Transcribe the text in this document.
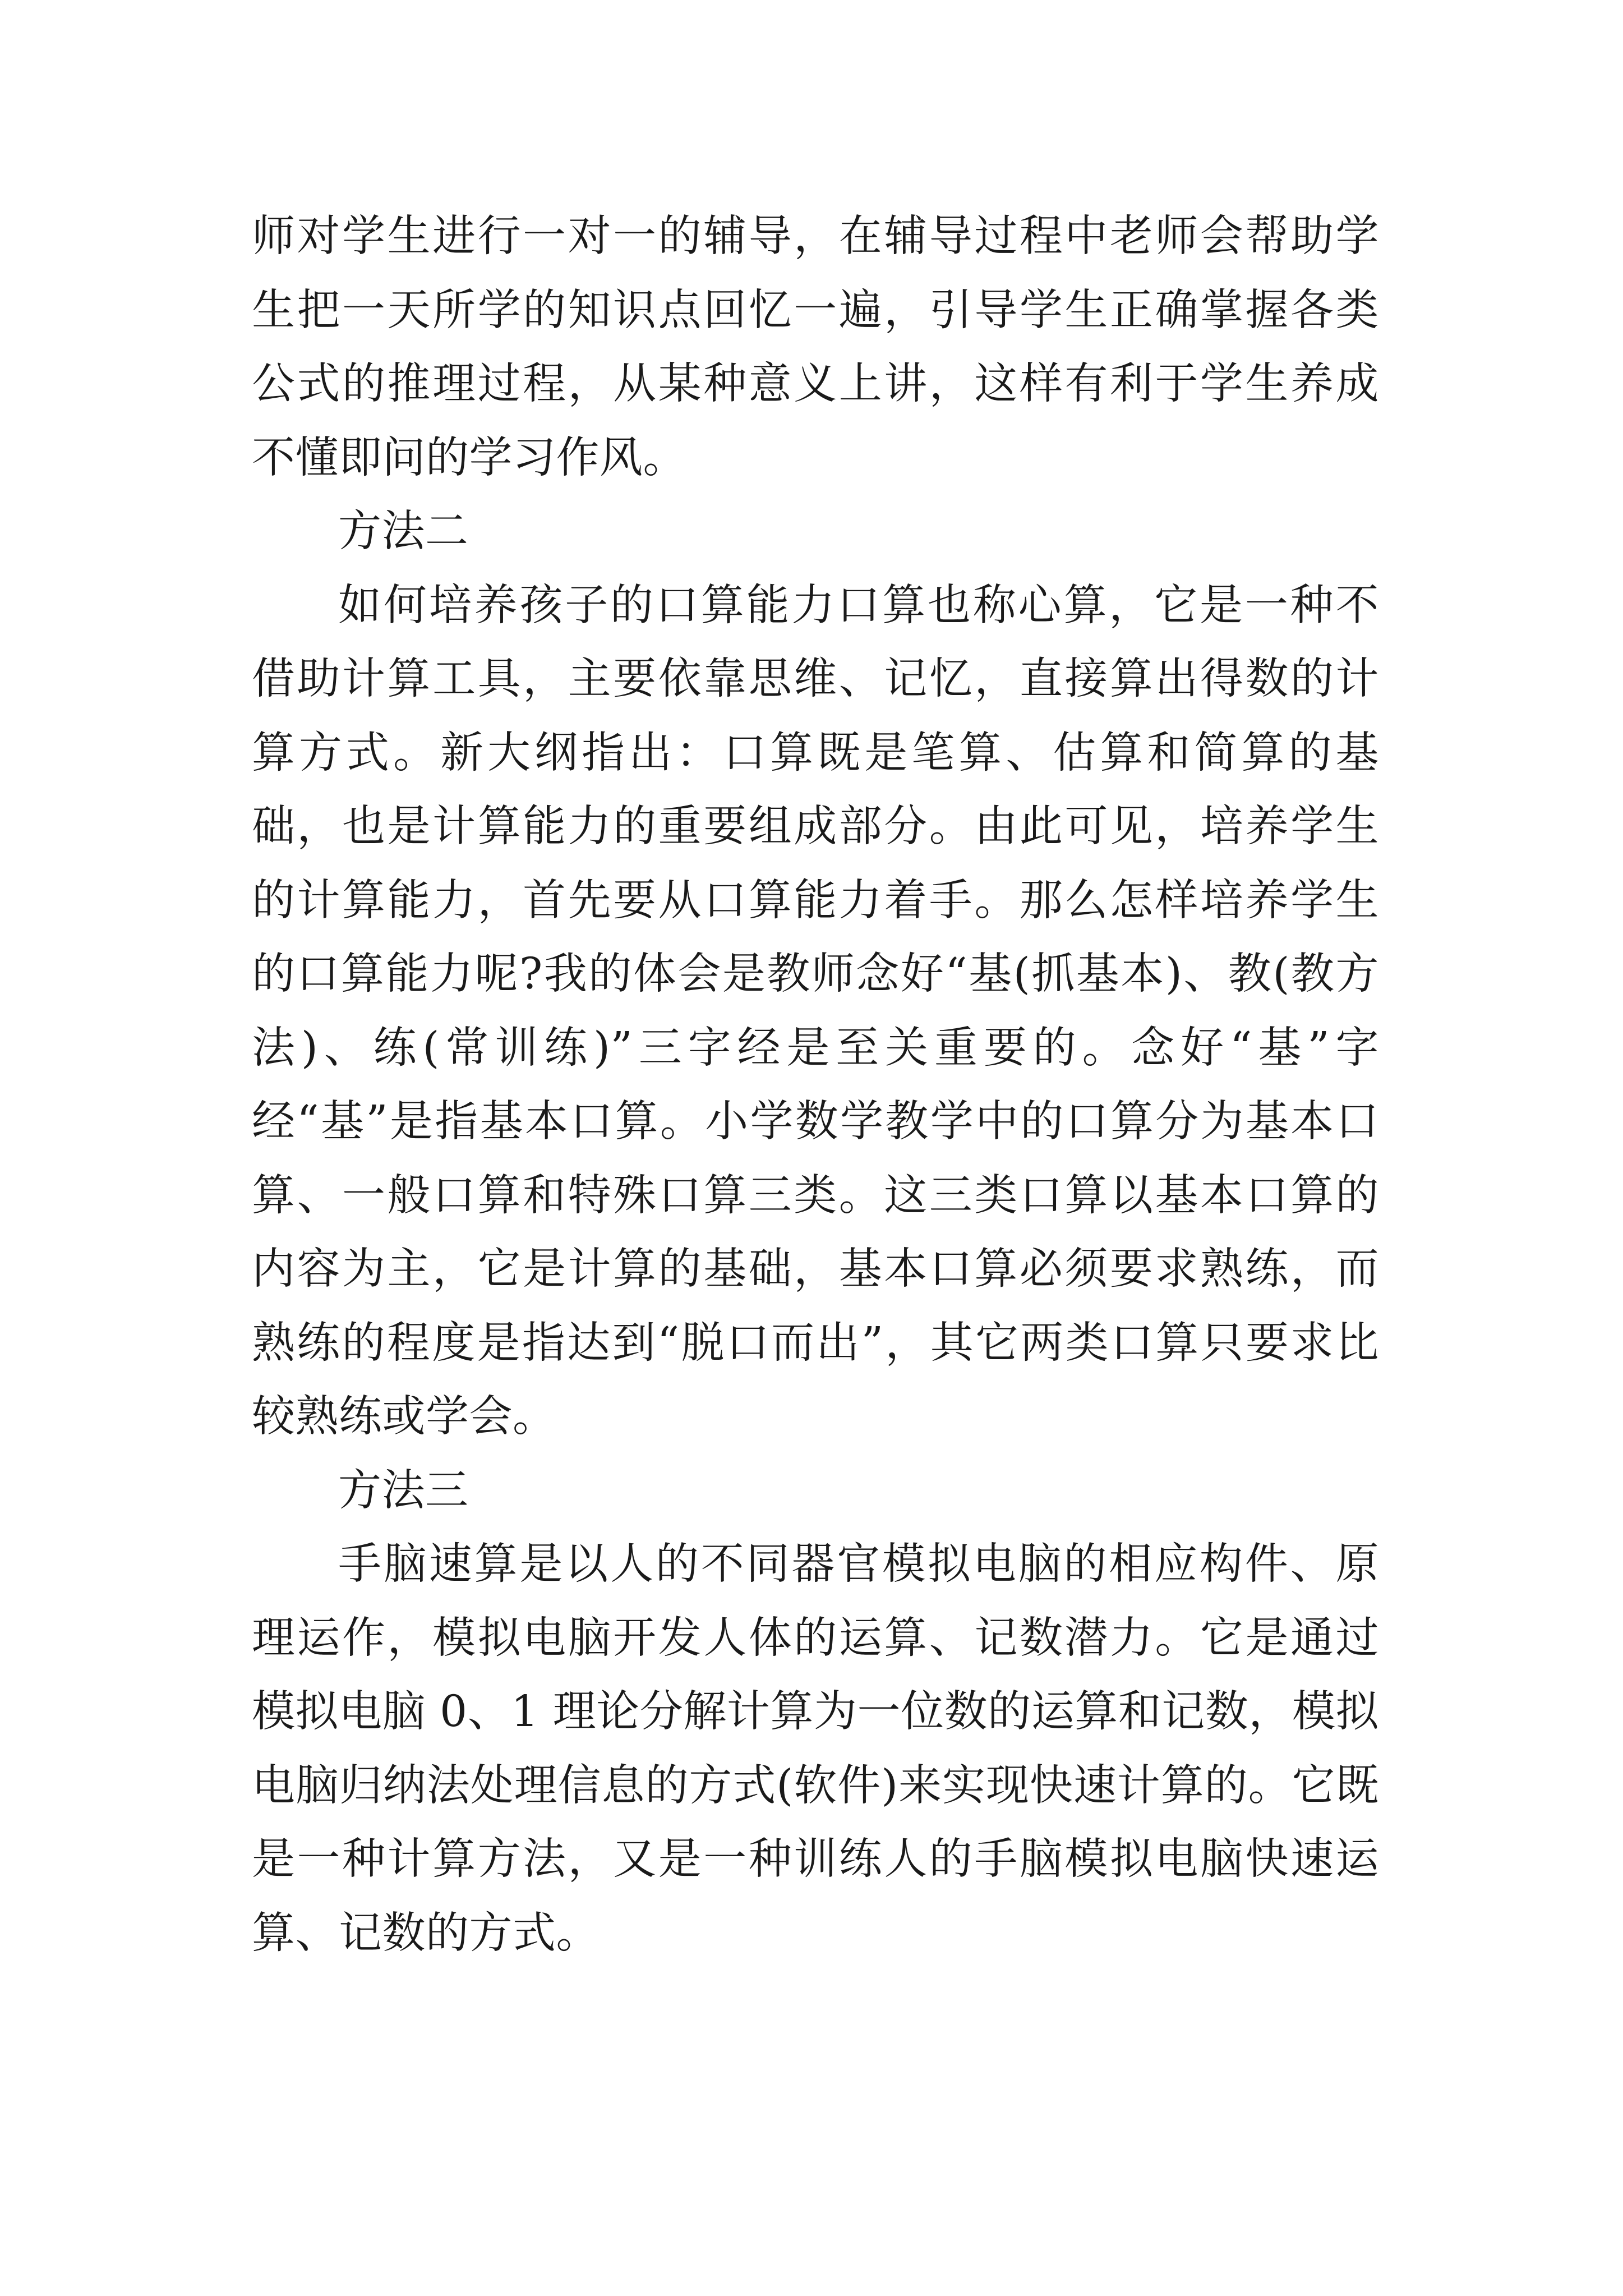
师对学生进行一对一的辅导，在辅导过程中老师会帮助学生把一天所学的知识点回忆一遍，引导学生正确掌握各类公式的推理过程，从某种意义上讲，这样有利于学生养成不懂即问的学习作风。

方法二

如何培养孩子的口算能力口算也称心算，它是一种不借助计算工具，主要依靠思维、记忆，直接算出得数的计算方式。新大纲指出：口算既是笔算、估算和简算的基础，也是计算能力的重要组成部分。由此可见，培养学生的计算能力，首先要从口算能力着手。那么怎样培养学生的口算能力呢?我的体会是教师念好“基(抓基本)、教(教方法)、练(常训练)”三字经是至关重要的。念好“基”字经“基”是指基本口算。小学数学教学中的口算分为基本口算、一般口算和特殊口算三类。这三类口算以基本口算的内容为主，它是计算的基础，基本口算必须要求熟练，而熟练的程度是指达到“脱口而出”，其它两类口算只要求比较熟练或学会。

方法三

手脑速算是以人的不同器官模拟电脑的相应构件、原理运作，模拟电脑开发人体的运算、记数潜力。它是通过模拟电脑 0、1 理论分解计算为一位数的运算和记数，模拟电脑归纳法处理信息的方式(软件)来实现快速计算的。它既是一种计算方法，又是一种训练人的手脑模拟电脑快速运算、记数的方式。
